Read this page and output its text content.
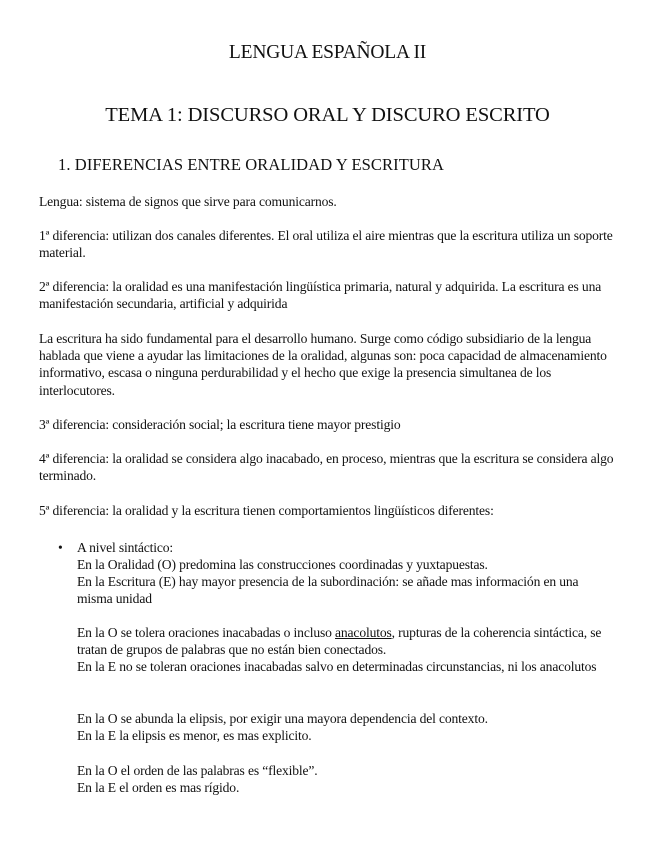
LENGUA ESPAÑOLA II
TEMA 1: DISCURSO ORAL Y DISCURO ESCRITO
1. DIFERENCIAS ENTRE ORALIDAD Y ESCRITURA

Lengua: sistema de signos que sirve para comunicarnos.

1ª diferencia: utilizan dos canales diferentes. El oral utiliza el aire mientras que la escritura utiliza un soporte material.

2ª diferencia: la oralidad es una manifestación lingüística primaria, natural y adquirida. La escritura es una manifestación secundaria, artificial y adquirida

La escritura ha sido fundamental para el desarrollo humano. Surge como código subsidiario de la lengua hablada que viene a ayudar las limitaciones de la oralidad, algunas son: poca capacidad de almacenamiento informativo, escasa o ninguna perdurabilidad y el hecho que exige la presencia simultanea de los interlocutores.

3ª diferencia: consideración social; la escritura tiene mayor prestigio

4ª diferencia: la oralidad se considera algo inacabado, en proceso, mientras que la escritura se considera algo terminado.

5ª diferencia: la oralidad y la escritura tienen comportamientos lingüísticos diferentes:

• A nivel sintáctico:

En la Oralidad (O) predomina las construcciones coordinadas y yuxtapuestas.

En la Escritura (E) hay mayor presencia de la subordinación: se añade mas información en una misma unidad

En la O se tolera oraciones inacabadas o incluso anacolutos, rupturas de la coherencia sintáctica, se tratan de grupos de palabras que no están bien conectados.

En la E no se toleran oraciones inacabadas salvo en determinadas circunstancias, ni los anacolutos

En la O se abunda la elipsis, por exigir una mayora dependencia del contexto.

En la E la elipsis es menor, es mas explicito.

En la O el orden de las palabras es “flexible”.

En la E el orden es mas rígido.
